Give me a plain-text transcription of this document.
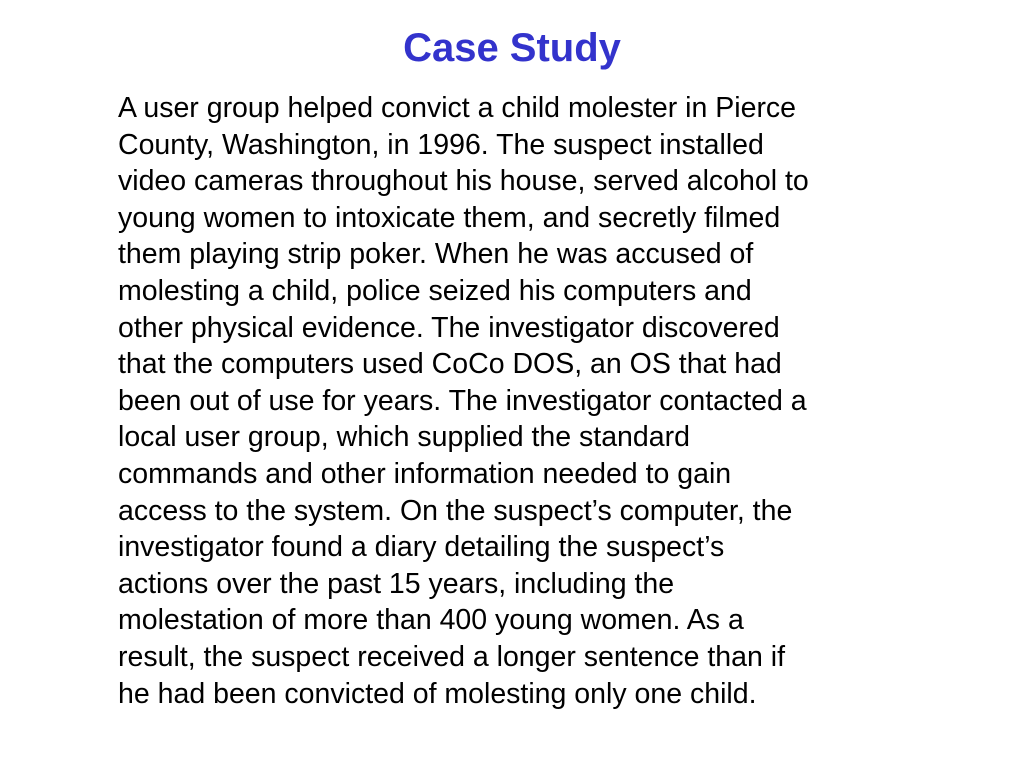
Case Study
A user group helped convict a child molester in Pierce
County, Washington, in 1996. The suspect installed
video cameras throughout his house, served alcohol to
young women to intoxicate them, and secretly filmed
them playing strip poker. When he was accused of
molesting a child, police seized his computers and
other physical evidence. The investigator discovered
that the computers used CoCo DOS, an OS that had
been out of use for years. The investigator contacted a
local user group, which supplied the standard
commands and other information needed to gain
access to the system. On the suspect’s computer, the
investigator found a diary detailing the suspect’s
actions over the past 15 years, including the
molestation of more than 400 young women. As a
result, the suspect received a longer sentence than if
he had been convicted of molesting only one child.
